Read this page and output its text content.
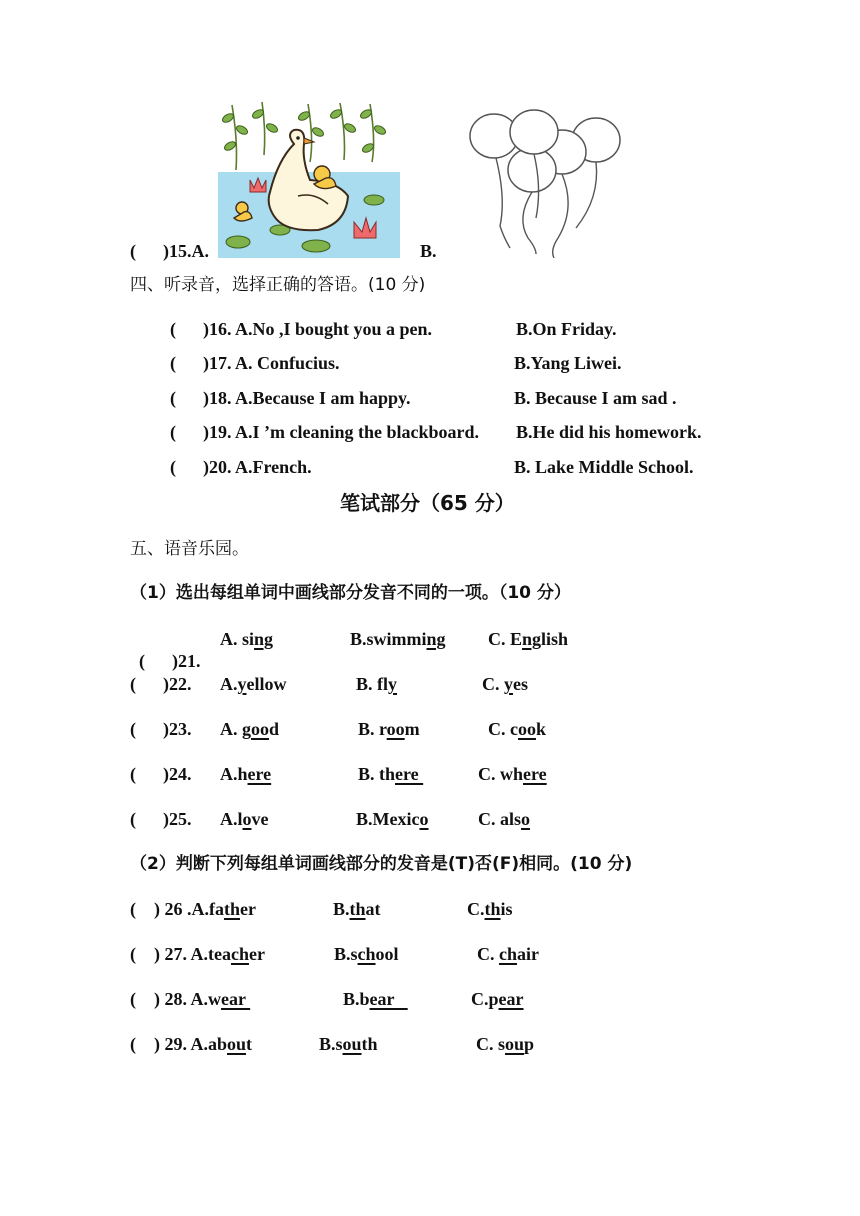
(      )15.A.	B.
四、听录音，选择正确的答语。(10 分)
(      )16. A.No ,I bought you a pen.	B.On Friday.
(      )17. A. Confucius.	B.Yang Liwei.
(      )18. A.Because I am happy.	B. Because I am sad .
(      )19. A.I ’m cleaning the blackboard. B.He did his homework.
(      )20. A.French.	B. Lake Middle School.
笔试部分（65 分）
五、语音乐园。
（1）选出每组单词中画线部分发音不同的一项。（10 分）

(      )21.

A. sing	B.swimming C. English
(      )22. A.yellow	B. fly	C. yes
(      )23. A. good	B. room	C. cook
(      )24. A.here	B. there	C. where
(      )25. A.love	B.Mexico	C. also
（2）判断下列每组单词画线部分的发音是(T)否(F)相同。(10 分)
(    ) 26 .A.father	B.that	C.this
(    ) 27. A.teacher	B.school	C. chair
(    ) 28. A.wear	B.bear	C.pear
(    ) 29. A.about	B.south	C. soup
